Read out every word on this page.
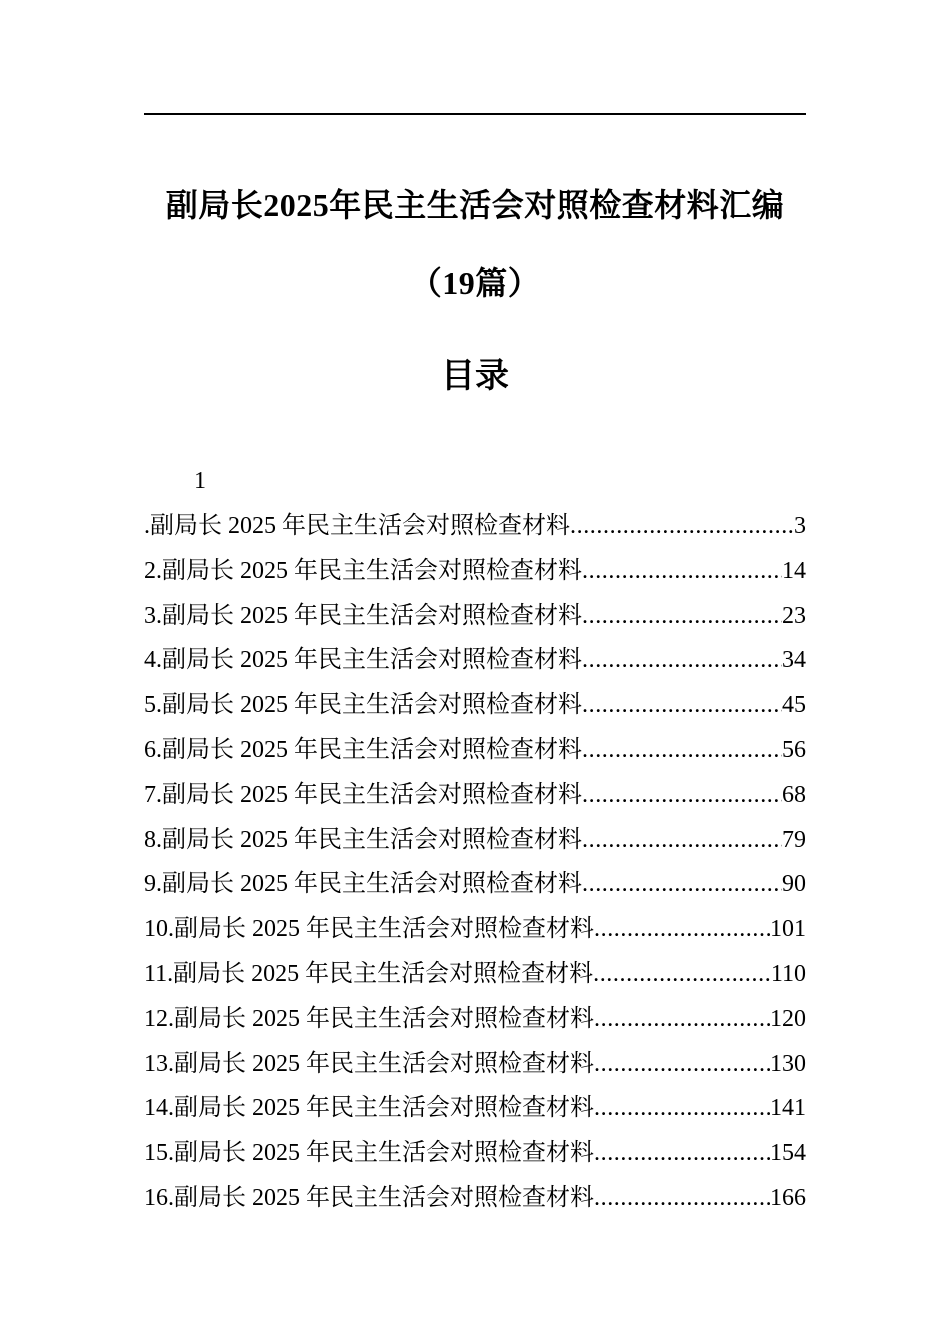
副局长2025年民主生活会对照检查材料汇编（19篇）
目录
1
.副局长 2025 年民主生活会对照检查材料 .....	3
2.副局长 2025 年民主生活会对照检查材料 .....	14
3.副局长 2025 年民主生活会对照检查材料 .....	23
4.副局长 2025 年民主生活会对照检查材料 .....	34
5.副局长 2025 年民主生活会对照检查材料 .....	45
6.副局长 2025 年民主生活会对照检查材料 .....	56
7.副局长 2025 年民主生活会对照检查材料 .....	68
8.副局长 2025 年民主生活会对照检查材料 .....	79
9.副局长 2025 年民主生活会对照检查材料 .....	90
10.副局长 2025 年民主生活会对照检查材料 .....	101
11.副局长 2025 年民主生活会对照检查材料 .....	110
12.副局长 2025 年民主生活会对照检查材料 .....	120
13.副局长 2025 年民主生活会对照检查材料 .....	130
14.副局长 2025 年民主生活会对照检查材料 .....	141
15.副局长 2025 年民主生活会对照检查材料 .....	154
16.副局长 2025 年民主生活会对照检查材料 .....	166
